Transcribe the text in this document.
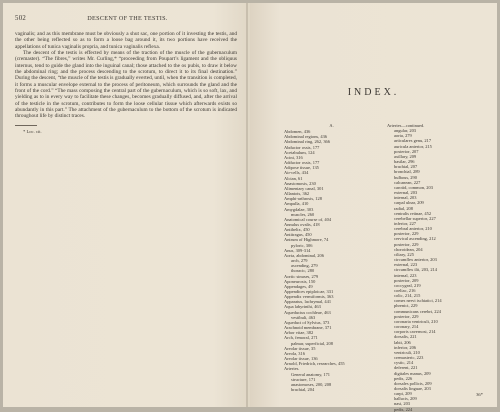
502	DESCENT OF THE TESTIS.

vaginalis; and as this membrane must be obviously a shut sac, one portion of it investing the testis, and the other being reflected so as to form a loose bag around it, its two portions have received the appellations of tunica vaginalis propria, and tunica vaginalis reflexa.

The descent of the testis is effected by means of the traction of the muscle of the gubernaculum (cremaster). “The fibres,” writes Mr. Curling,* “proceeding from Poupart’s ligament and the obliquus internus, tend to guide the gland into the inguinal canal; those attached to the os pubis, to draw it below the abdominal ring; and the process descending to the scrotum, to direct it to its final destination.” During the descent, “the muscle of the testis is gradually everted, until, when the transition is completed, it forms a muscular envelope external to the process of peritoneum, which surrounds the gland and the front of the cord.” “The mass composing the central part of the gubernaculum, which is so soft, lax, and yielding as to in every way to facilitate these changes, becomes gradually diffused, and, after the arrival of the testicle in the scrotum, contributes to form the loose cellular tissue which afterwards exists so abundantly in this part.” The attachment of the gubernaculum to the bottom of the scrotum is indicated throughout life by distinct traces.

* Loc. cit.
INDEX.
A.
Abdomen, 436
Abdominal regions, 436
Abdominal ring, 262, 366
Abductor ossis, 177
Acetabulum, 124
Acini, 316
Adductor ossis, 177
Adipose tissue, 135
Air-cells, 434
Alcian, 61
Anastomosis, 230
Alimentary canal, 301
Allantois, 362
Amphi-arthrosis, 128
Ampulla, 410
Amygdalae, 303
muscles, 260
Anatomical course of, 404
Annulus ovalis, 418
Antihelix, 450
Antitragus, 450
Antrum of Highmore, 74
pyloric, 306
Anus, 309-314
Aorta, abdominal, 206
arch, 279
ascending, 279
thoracic, 280
Aortic sinuses, 279
Aponeurosis, 150
Appendages, 49
Appendices epiploicae, 331
Appendix vermiformis, 363
Apparatus, lachrymal, 441
Aqua labyrinthi, 463
Aqueductus cochleae, 463
vestibuli, 463
Aqueduct of Sylvius, 373
Arachnoid membrane, 371
Arbor vitae, 382
Arch, femoral, 271
palmar, superficial, 208
Areolar tissue, 35
Areola, 316
Areolar tissue, 136
Arnold, Friedrich, researches, 455
Arteries.
General anatomy, 171
structure, 171
anastomoses, 200, 208
brachial, 204
Arteries—continued.
angular, 203
aorta, 279
articulares genu, 217
auricula anterior, 215
posterior, 207
axillary, 209
basilar, 296
brachial, 207
bronchial, 289
bulbous, 290
calcanean, 227
carotid, common, 203
external, 203
internal, 203
carpal ulnar, 209
radial, 208
centralis retinae, 452
cerebellar superior, 227
inferior, 227
cerebral anterior, 210
posterior, 229
cervical ascending, 212
posterior, 229
choroidean, 204
ciliary, 225
circumflex anterior, 203
external, 223
circumflex ilii, 203, 214
internal, 223
posterior, 209
coccygeal, 219
coeliac, 216
colic, 214, 215
comes nervi ischiatici, 214
phrenici, 229
communicans cerebri, 224
posterior, 229
coronaria ventriculi, 210
coronary, 214
corporis cavernosi, 214
dorsalis, 221
labii, 206
inferior, 206
ventriculi, 210
cremasteric, 223
cystic, 214
deferent, 221
digitales manus, 209
pedis, 226
dorsales pollicis, 209
dorsalis linguae, 203
carpi, 209
hallucis, 209
nasi, 203
pedis, 224
36*
